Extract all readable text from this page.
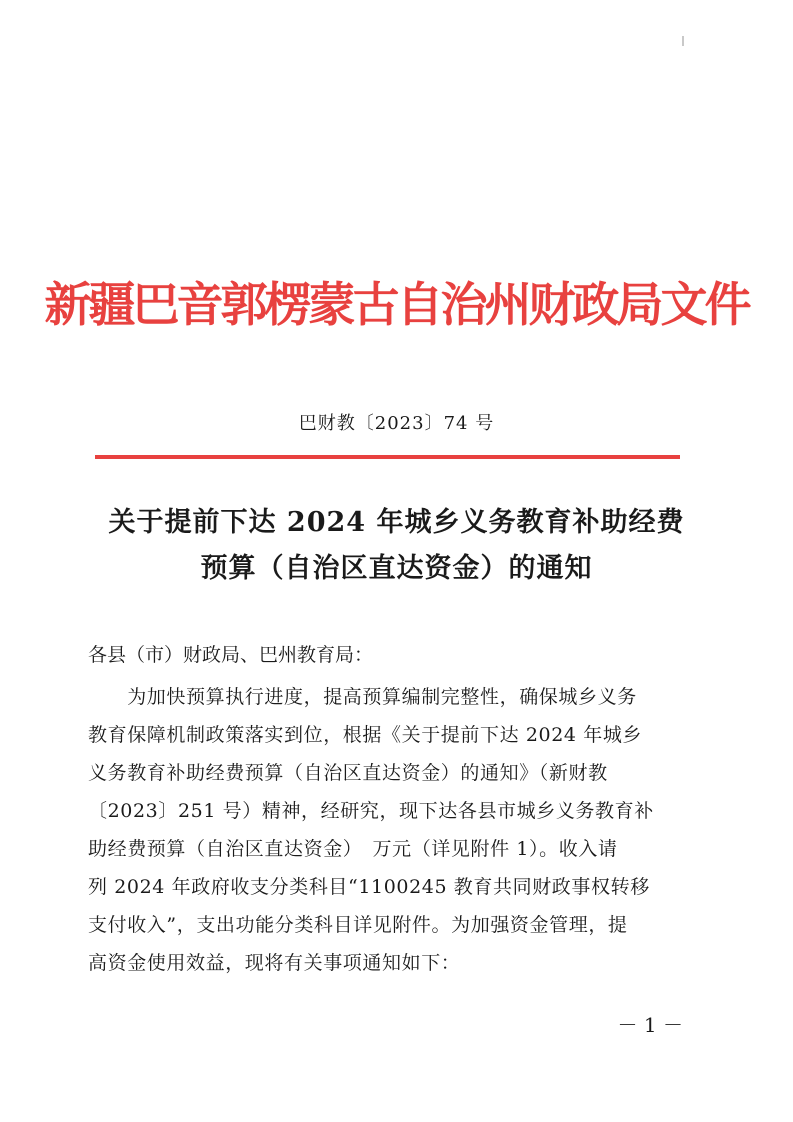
新疆巴音郭楞蒙古自治州财政局文件
巴财教〔2023〕74 号
关于提前下达 2024 年城乡义务教育补助经费
预算（自治区直达资金）的通知
各县（市）财政局、巴州教育局：
　　为加快预算执行进度，提高预算编制完整性，确保城乡义务
教育保障机制政策落实到位，根据《关于提前下达 2024 年城乡
义务教育补助经费预算（自治区直达资金）的通知》（新财教
〔2023〕251 号）精神，经研究，现下达各县市城乡义务教育补
助经费预算（自治区直达资金）　万元（详见附件 1）。收入请
列 2024 年政府收支分类科目“1100245 教育共同财政事权转移
支付收入”，支出功能分类科目详见附件。为加强资金管理，提
高资金使用效益，现将有关事项通知如下：
－ 1 －
